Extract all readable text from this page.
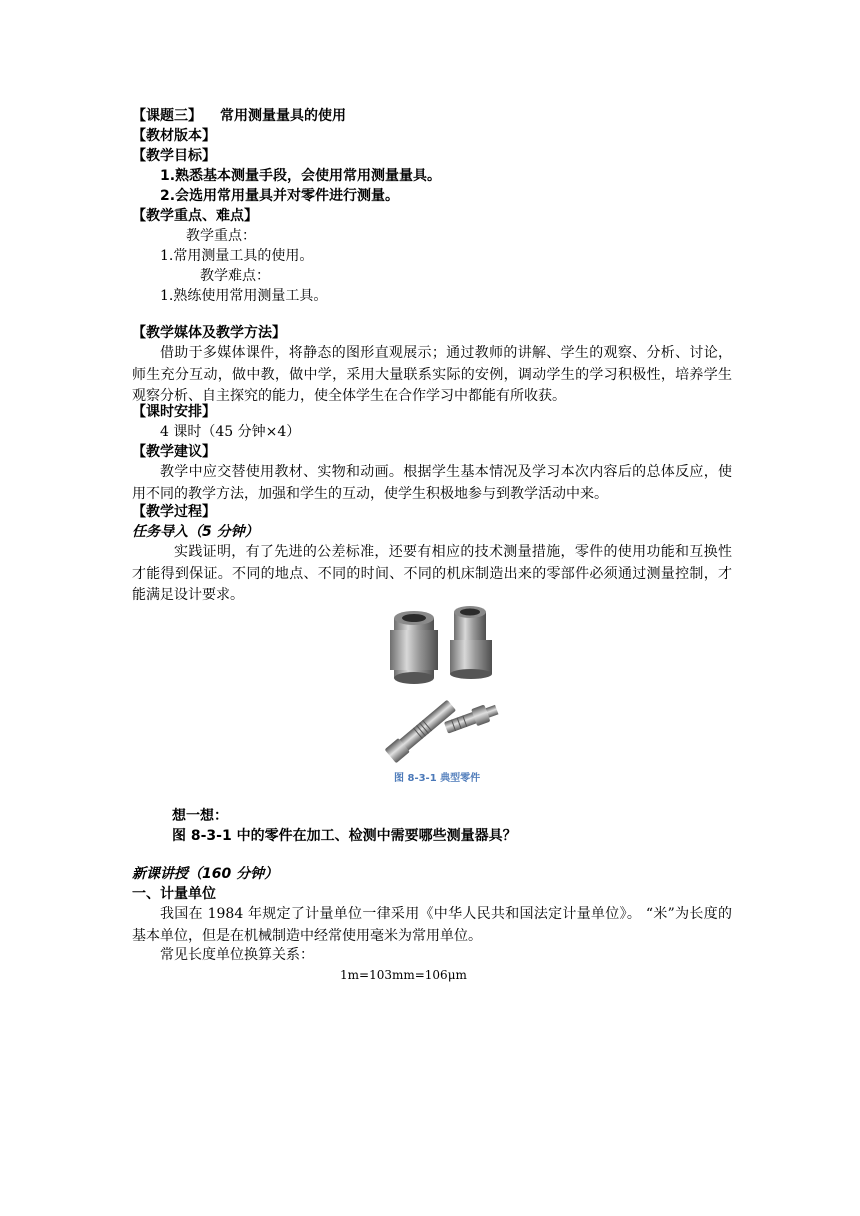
【课题三】 常用测量量具的使用
【教材版本】
【教学目标】
1.熟悉基本测量手段，会使用常用测量量具。
2.会选用常用量具并对零件进行测量。
【教学重点、难点】
教学重点：
1.常用测量工具的使用。
教学难点：
1.熟练使用常用测量工具。
【教学媒体及教学方法】
借助于多媒体课件，将静态的图形直观展示；通过教师的讲解、学生的观察、分析、讨论，师生充分互动，做中教，做中学，采用大量联系实际的安例，调动学生的学习积极性，培养学生观察分析、自主探究的能力，使全体学生在合作学习中都能有所收获。
【课时安排】
4 课时（45 分钟×4）
【教学建议】
教学中应交替使用教材、实物和动画。根据学生基本情况及学习本次内容后的总体反应，使用不同的教学方法，加强和学生的互动，使学生积极地参与到教学活动中来。
【教学过程】
任务导入（5 分钟）
实践证明，有了先进的公差标准，还要有相应的技术测量措施，零件的使用功能和互换性才能得到保证。不同的地点、不同的时间、不同的机床制造出来的零部件必须通过测量控制，才能满足设计要求。
图 8-3-1 典型零件
想一想：
图 8-3-1 中的零件在加工、检测中需要哪些测量器具？
新课讲授（160 分钟）
一、计量单位
我国在 1984 年规定了计量单位一律采用《中华人民共和国法定计量单位》。 “米”为长度的基本单位，但是在机械制造中经常使用毫米为常用单位。
常见长度单位换算关系：
1m=103mm=106μm
